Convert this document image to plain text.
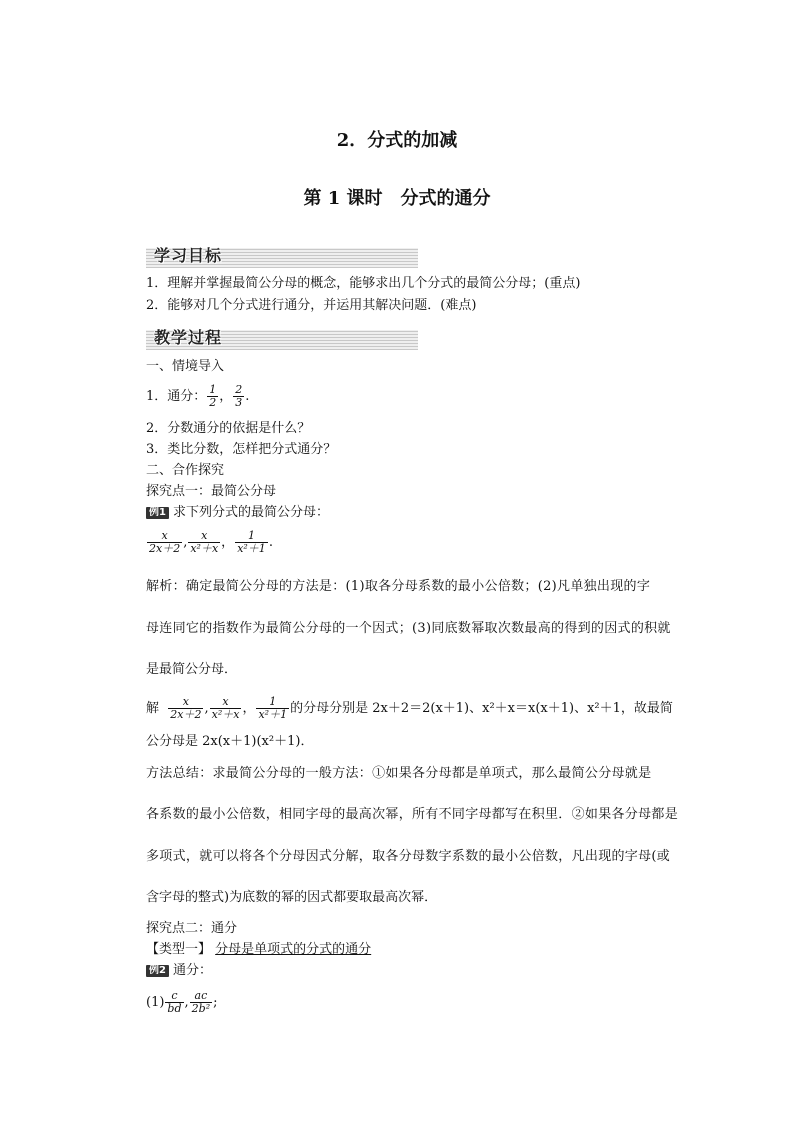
2．分式的加减
第 1 课时　分式的通分
学习目标
1．理解并掌握最简公分母的概念，能够求出几个分式的最简公分母；(重点)
2．能够对几个分式进行通分，并运用其解决问题．(难点)
教学过程
一、情境导入
1．通分： $\frac{1}{2}$ ， $\frac{2}{3}$ .
2．分数通分的依据是什么？
3．类比分数，怎样把分式通分？
二、合作探究
探究点一：最简公分母
例1 求下列分式的最简公分母：
$\frac{x}{2x+2}$ , $\frac{x}{\text{x²＋x}}$ ， $\frac{1}{\text{x²＋1}}$ .
解析：确定最简公分母的方法是：(1)取各分母系数的最小公倍数；(2)凡单独出现的字
母连同它的指数作为最简公分母的一个因式；(3)同底数幂取次数最高的得到的因式的积就
是最简公分母．
解 $\frac{x}{2x+2}$ , $\frac{x}{\text{x²＋x}}$ ， $\frac{1}{\text{x²＋1}}$ 的分母分别是 2x＋2＝2(x＋1)、x²＋x＝x(x＋1)、x²＋1，故最简
公分母是 2x(x＋1)(x²＋1)．
方法总结：求最简公分母的一般方法：①如果各分母都是单项式，那么最简公分母就是
各系数的最小公倍数，相同字母的最高次幂，所有不同字母都写在积里．②如果各分母都是
多项式，就可以将各个分母因式分解，取各分母数字系数的最小公倍数，凡出现的字母(或
含字母的整式)为底数的幂的因式都要取最高次幂．
探究点二：通分
【类型一】 分母是单项式的分式的通分
例2 通分：
$(1) \frac{c}{bd}$ , $\frac{ac}{\text{2b²}}$ ;
